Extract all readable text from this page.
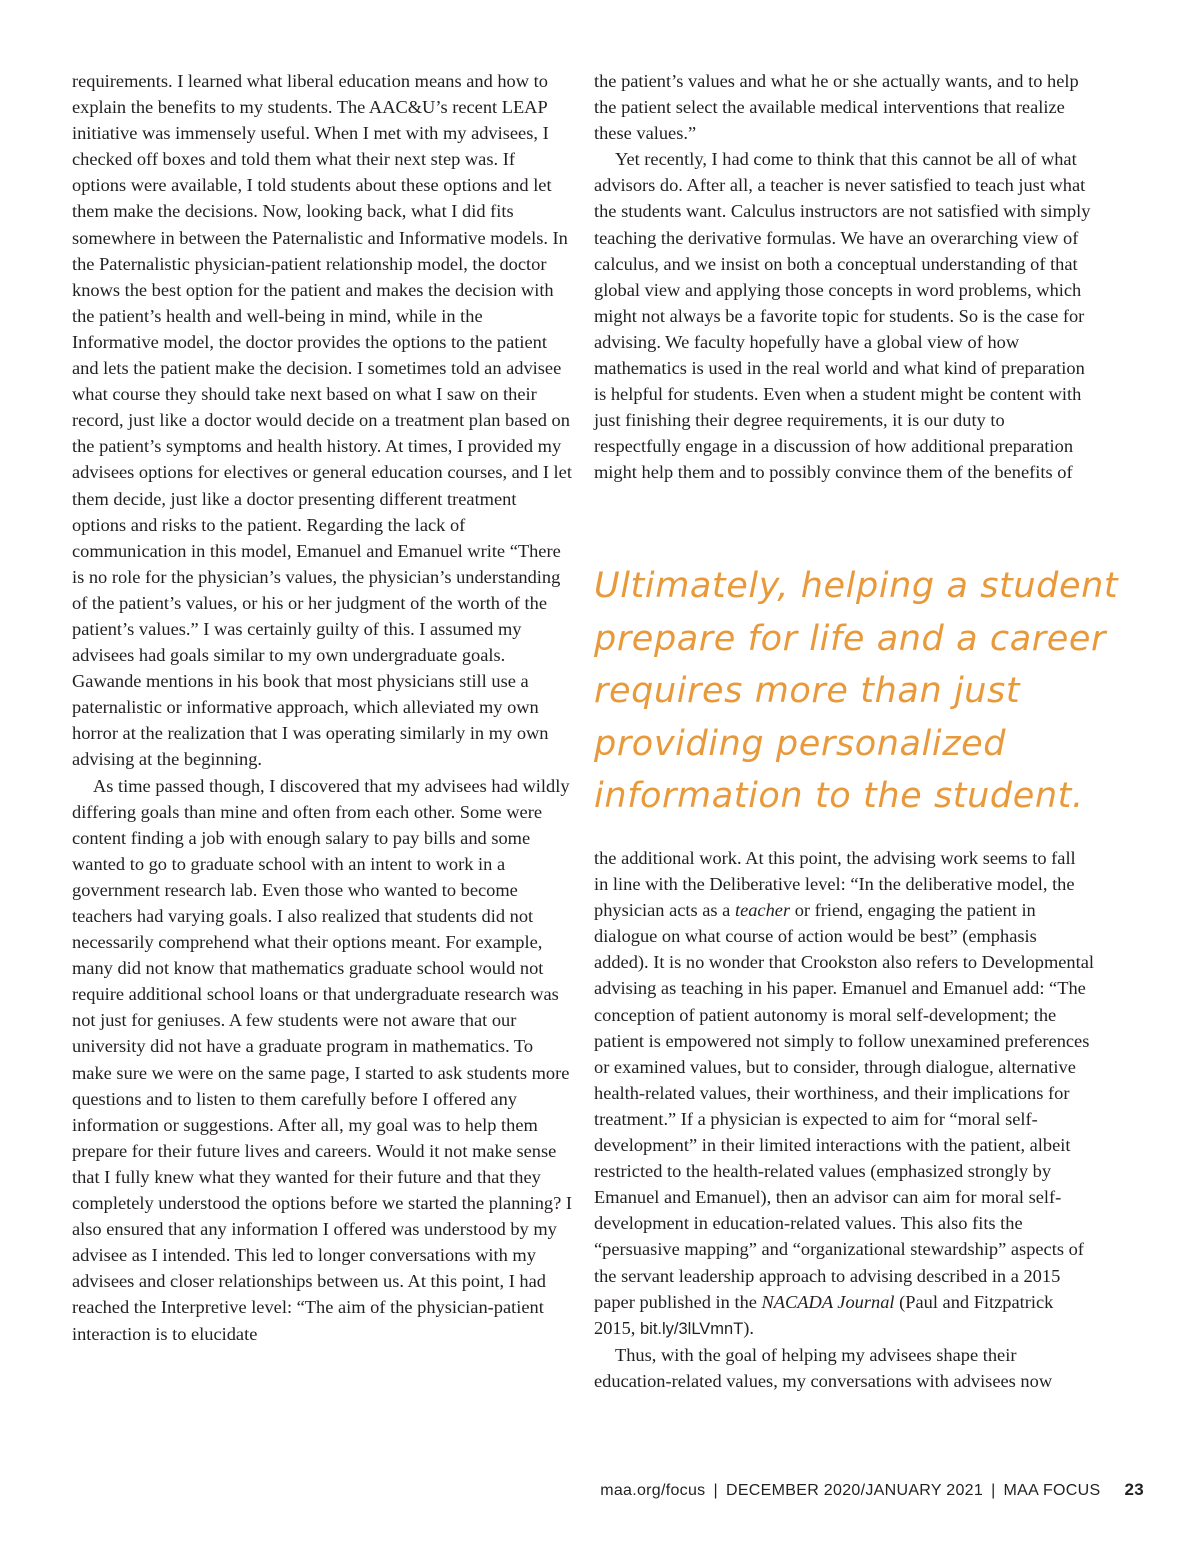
requirements. I learned what liberal education means and how to explain the benefits to my students. The AAC&U’s recent LEAP initiative was immensely useful. When I met with my advisees, I checked off boxes and told them what their next step was. If options were available, I told students about these options and let them make the decisions. Now, looking back, what I did fits somewhere in between the Paternalistic and Informative models. In the Paternalistic physician-patient relationship model, the doctor knows the best option for the patient and makes the decision with the patient’s health and well-being in mind, while in the Informative model, the doctor provides the options to the patient and lets the patient make the decision. I sometimes told an advisee what course they should take next based on what I saw on their record, just like a doctor would decide on a treatment plan based on the patient’s symptoms and health history. At times, I provided my advisees options for electives or general education courses, and I let them decide, just like a doctor presenting different treatment options and risks to the patient. Regarding the lack of communication in this model, Emanuel and Emanuel write “There is no role for the physician’s values, the physician’s understanding of the patient’s values, or his or her judgment of the worth of the patient’s values.” I was certainly guilty of this. I assumed my advisees had goals similar to my own undergraduate goals. Gawande mentions in his book that most physicians still use a paternalistic or informative approach, which alleviated my own horror at the realization that I was operating similarly in my own advising at the beginning.

As time passed though, I discovered that my advisees had wildly differing goals than mine and often from each other. Some were content finding a job with enough salary to pay bills and some wanted to go to graduate school with an intent to work in a government research lab. Even those who wanted to become teachers had varying goals. I also realized that students did not necessarily comprehend what their options meant. For example, many did not know that mathematics graduate school would not require additional school loans or that undergraduate research was not just for geniuses. A few students were not aware that our university did not have a graduate program in mathematics. To make sure we were on the same page, I started to ask students more questions and to listen to them carefully before I offered any information or suggestions. After all, my goal was to help them prepare for their future lives and careers. Would it not make sense that I fully knew what they wanted for their future and that they completely understood the options before we started the planning? I also ensured that any information I offered was understood by my advisee as I intended. This led to longer conversations with my advisees and closer relationships between us. At this point, I had reached the Interpretive level: “The aim of the physician-patient interaction is to elucidate

the patient’s values and what he or she actually wants, and to help the patient select the available medical interventions that realize these values.”

Yet recently, I had come to think that this cannot be all of what advisors do. After all, a teacher is never satisfied to teach just what the students want. Calculus instructors are not satisfied with simply teaching the derivative formulas. We have an overarching view of calculus, and we insist on both a conceptual understanding of that global view and applying those concepts in word problems, which might not always be a favorite topic for students. So is the case for advising. We faculty hopefully have a global view of how mathematics is used in the real world and what kind of preparation is helpful for students. Even when a student might be content with just finishing their degree requirements, it is our duty to respectfully engage in a discussion of how additional preparation might help them and to possibly convince them of the benefits of

Ultimately, helping a student
prepare for life and a career
requires more than just
providing personalized
information to the student.

the additional work. At this point, the advising work seems to fall in line with the Deliberative level: “In the deliberative model, the physician acts as a teacher or friend, engaging the patient in dialogue on what course of action would be best” (emphasis added). It is no wonder that Crookston also refers to Developmental advising as teaching in his paper. Emanuel and Emanuel add: “The conception of patient autonomy is moral self-development; the patient is empowered not simply to follow unexamined preferences or examined values, but to consider, through dialogue, alternative health-related values, their worthiness, and their implications for treatment.” If a physician is expected to aim for “moral self-development” in their limited interactions with the patient, albeit restricted to the health-related values (emphasized strongly by Emanuel and Emanuel), then an advisor can aim for moral self-development in education-related values. This also fits the “persuasive mapping” and “organizational stewardship” aspects of the servant leadership approach to advising described in a 2015 paper published in the NACADA Journal (Paul and Fitzpatrick 2015, bit.ly/3lLVmnT).

Thus, with the goal of helping my advisees shape their education-related values, my conversations with advisees now

maa.org/focus | DECEMBER 2020/JANUARY 2021 | MAA FOCUS 23
